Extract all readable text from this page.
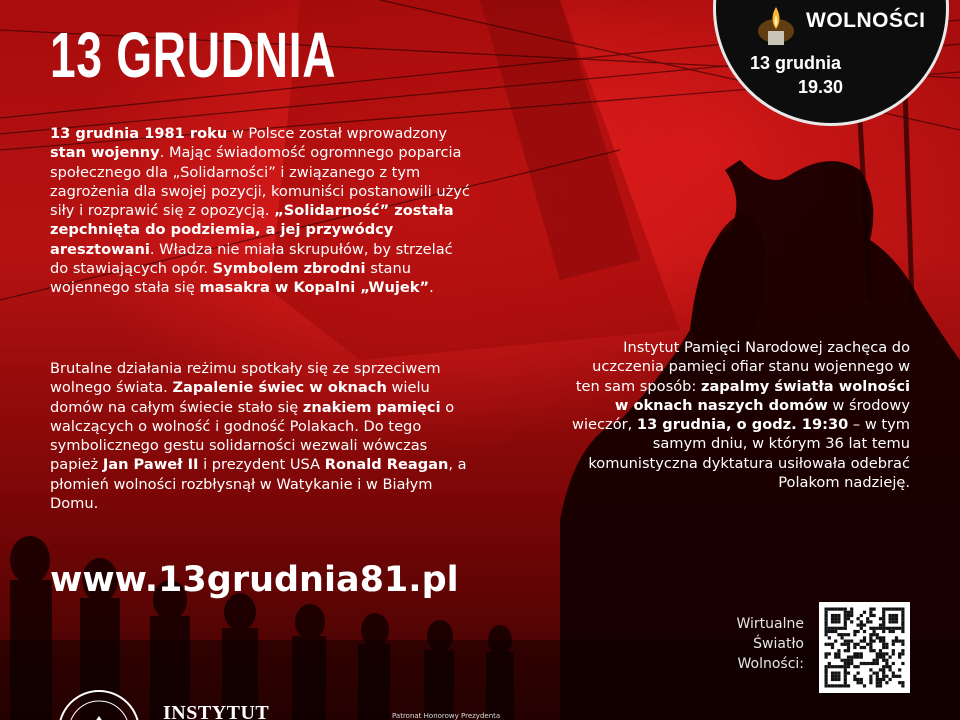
13 GRUDNIA

13 grudnia 1981 roku w Polsce został wprowadzony stan wojenny. Mając świadomość ogromnego poparcia społecznego dla „Solidarności” i związanego z tym zagrożenia dla swojej pozycji, komuniści postanowili użyć siły i rozprawić się z opozycją. „Solidarność” została zepchnięta do podziemia, a jej przywódcy aresztowani. Władza nie miała skrupułów, by strzelać do stawiających opór. Symbolem zbrodni stanu wojennego stała się masakra w Kopalni „Wujek”.

Brutalne działania reżimu spotkały się ze sprzeciwem wolnego świata. Zapalenie świec w oknach wielu domów na całym świecie stało się znakiem pamięci o walczących o wolność i godność Polakach. Do tego symbolicznego gestu solidarności wezwali wówczas papież Jan Paweł II i prezydent USA Ronald Reagan, a płomień wolności rozbłysnął w Watykanie i w Białym Domu.

Instytut Pamięci Narodowej zachęca do uczczenia pamięci ofiar stanu wojennego w ten sam sposób: zapalmy światła wolności w oknach naszych domów w środowy wieczór, 13 grudnia, o godz. 19:30 – w tym samym dniu, w którym 36 lat temu komunistyczna dyktatura usiłowała odebrać Polakom nadzieję.

www.13grudnia81.pl
WOLNOŚCI
13 grudnia
19.30
Wirtualne
Światło
Wolności:
INSTYTUT	Patronat Honorowy Prezydenta
